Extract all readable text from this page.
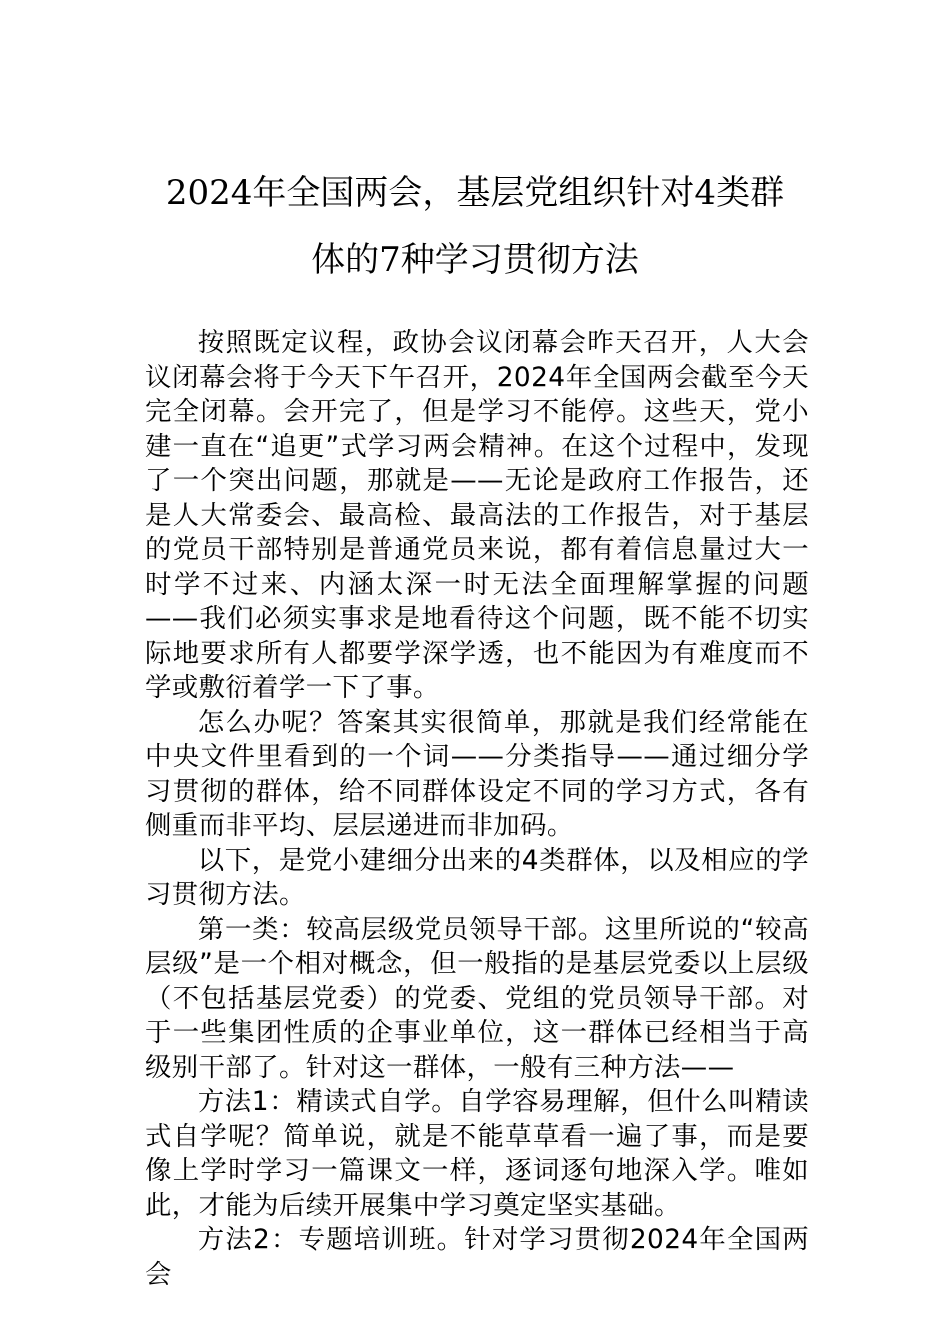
2024年全国两会，基层党组织针对4类群
体的7种学习贯彻方法

按照既定议程，政协会议闭幕会昨天召开，人大会议闭幕会将于今天下午召开，2024年全国两会截至今天完全闭幕。会开完了，但是学习不能停。这些天，党小建一直在“追更”式学习两会精神。在这个过程中，发现了一个突出问题，那就是——无论是政府工作报告，还是人大常委会、最高检、最高法的工作报告，对于基层的党员干部特别是普通党员来说，都有着信息量过大一时学不过来、内涵太深一时无法全面理解掌握的问题——我们必须实事求是地看待这个问题，既不能不切实际地要求所有人都要学深学透，也不能因为有难度而不学或敷衍着学一下了事。

怎么办呢？答案其实很简单，那就是我们经常能在中央文件里看到的一个词——分类指导——通过细分学习贯彻的群体，给不同群体设定不同的学习方式，各有侧重而非平均、层层递进而非加码。

以下，是党小建细分出来的4类群体，以及相应的学习贯彻方法。

第一类：较高层级党员领导干部。这里所说的“较高层级”是一个相对概念，但一般指的是基层党委以上层级（不包括基层党委）的党委、党组的党员领导干部。对于一些集团性质的企事业单位，这一群体已经相当于高级别干部了。针对这一群体，一般有三种方法——

方法1：精读式自学。自学容易理解，但什么叫精读式自学呢？简单说，就是不能草草看一遍了事，而是要像上学时学习一篇课文一样，逐词逐句地深入学。唯如此，才能为后续开展集中学习奠定坚实基础。

方法2：专题培训班。针对学习贯彻2024年全国两会
